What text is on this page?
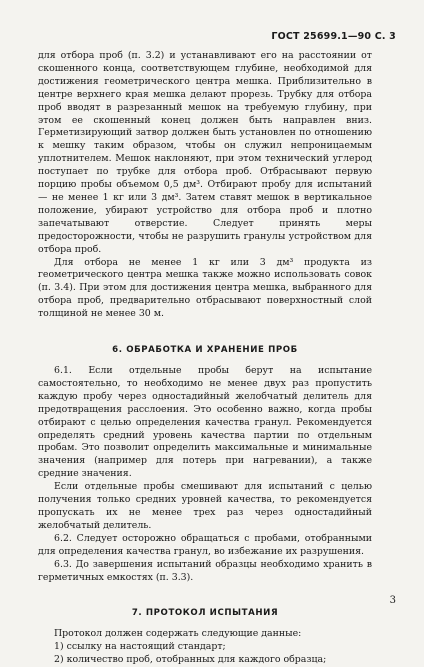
ГОСТ 25699.1—90 С. 3

для отбора проб (п. 3.2) и устанавливают его на расстоянии от скошенного конца, соответствующем глубине, необходимой для достижения геометрического центра мешка. Приблизительно в центре верхнего края мешка делают прорезь. Трубку для отбора проб вводят в разрезанный мешок на требуемую глубину, при этом ее скошенный конец должен быть направлен вниз. Герметизирующий затвор должен быть установлен по отношению к мешку таким образом, чтобы он служил непроницаемым уплотнителем. Мешок наклоняют, при этом технический углерод поступает по трубке для отбора проб. Отбрасывают первую порцию пробы объемом 0,5 дм³. Отбирают пробу для испытаний — не менее 1 кг или 3 дм³. Затем ставят мешок в вертикальное положение, убирают устройство для отбора проб и плотно запечатывают отверстие. Следует принять меры предосторожности, чтобы не разрушить гранулы устройством для отбора проб.

Для отбора не менее 1 кг или 3 дм³ продукта из геометрического центра мешка также можно использовать совок (п. 3.4). При этом для достижения центра мешка, выбранного для отбора проб, предварительно отбрасывают поверхностный слой толщиной не менее 30 м.

6. ОБРАБОТКА И ХРАНЕНИЕ ПРОБ

6.1. Если отдельные пробы берут на испытание самостоятельно, то необходимо не менее двух раз пропустить каждую пробу через одностадийный желобчатый делитель для предотвращения расслоения. Это особенно важно, когда пробы отбирают с целью определения качества гранул. Рекомендуется определять средний уровень качества партии по отдельным пробам. Это позволит определить максимальные и минимальные значения (например для потерь при нагревании), а также средние значения.

Если отдельные пробы смешивают для испытаний с целью получения только средних уровней качества, то рекомендуется пропускать их не менее трех раз через одностадийный желобчатый делитель.

6.2. Следует осторожно обращаться с пробами, отобранными для определения качества гранул, во избежание их разрушения.

6.3. До завершения испытаний образцы необходимо хранить в герметичных емкостях (п. 3.3).

7. ПРОТОКОЛ ИСПЫТАНИЯ

Протокол должен содержать следующие данные:

1) ссылку на настоящий стандарт;

2) количество проб, отобранных для каждого образца;

3
